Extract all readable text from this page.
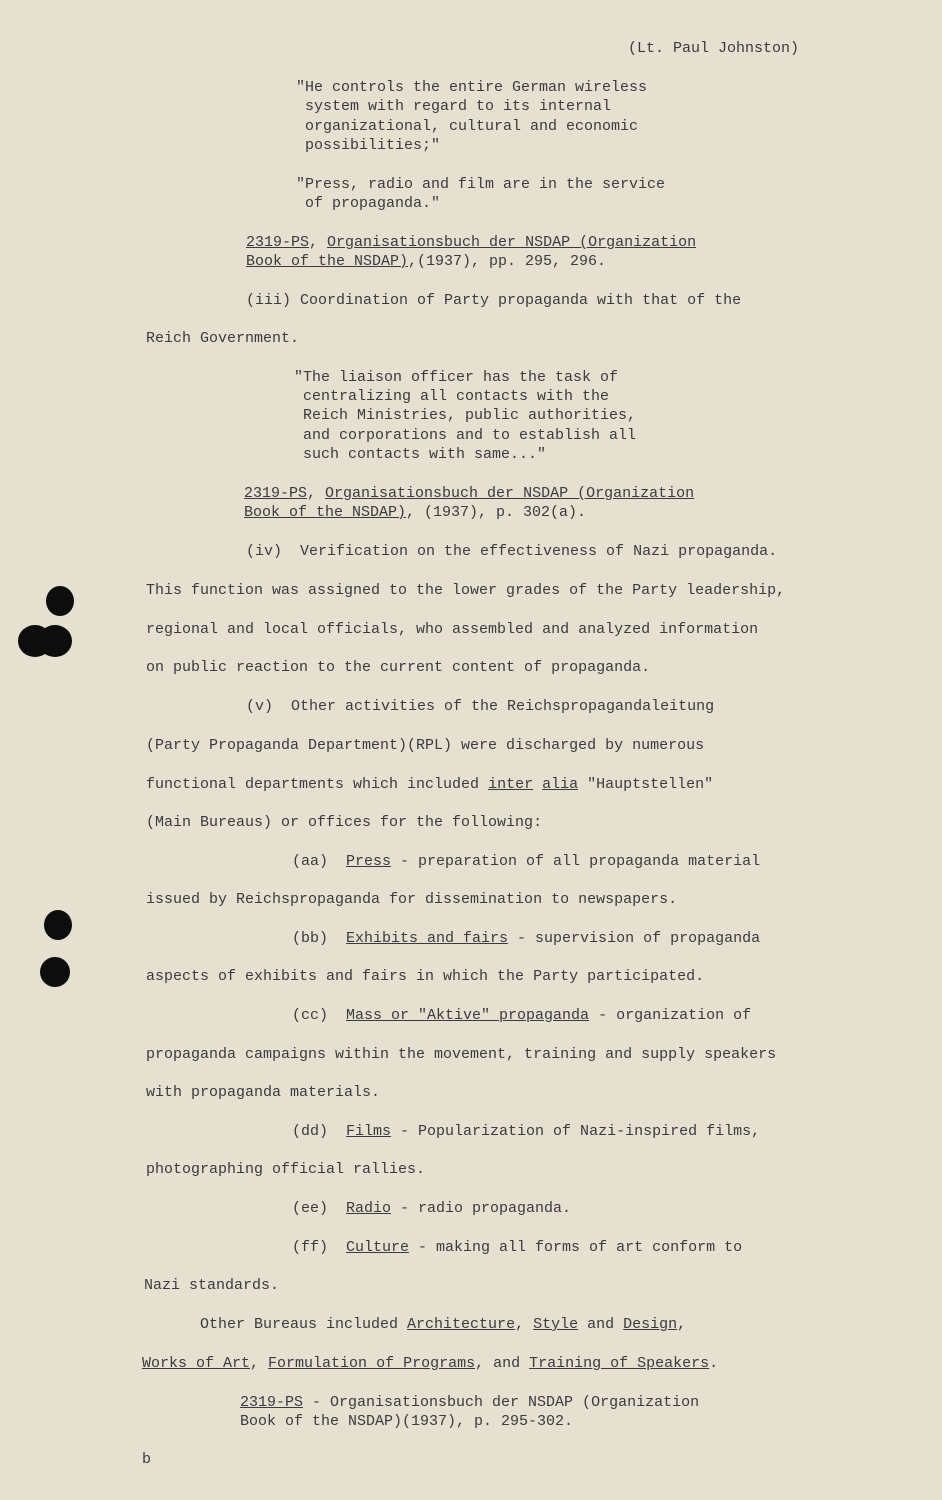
(Lt. Paul Johnston)
"He controls the entire German wireless
system with regard to its internal
organizational, cultural and economic
possibilities;"
"Press, radio and film are in the service
of propaganda."
2319-PS, Organisationsbuch der NSDAP (Organization
Book of the NSDAP),(1937), pp. 295, 296.
(iii) Coordination of Party propaganda with that of the
Reich Government.
"The liaison officer has the task of
centralizing all contacts with the
Reich Ministries, public authorities,
and corporations and to establish all
such contacts with same..."
2319-PS, Organisationsbuch der NSDAP (Organization
Book of the NSDAP), (1937), p. 302(a).
(iv)  Verification on the effectiveness of Nazi propaganda.
This function was assigned to the lower grades of the Party leadership,
regional and local officials, who assembled and analyzed information
on public reaction to the current content of propaganda.
(v)  Other activities of the Reichspropagandaleitung
(Party Propaganda Department)(RPL) were discharged by numerous
functional departments which included inter alia "Hauptstellen"
(Main Bureaus) or offices for the following:
(aa)  Press - preparation of all propaganda material
issued by Reichspropaganda for dissemination to newspapers.
(bb)  Exhibits and fairs - supervision of propaganda
aspects of exhibits and fairs in which the Party participated.
(cc)  Mass or "Aktive" propaganda - organization of
propaganda campaigns within the movement, training and supply speakers
with propaganda materials.
(dd)  Films - Popularization of Nazi-inspired films,
photographing official rallies.
(ee)  Radio - radio propaganda.
(ff)  Culture - making all forms of art conform to
Nazi standards.
Other Bureaus included Architecture, Style and Design,
Works of Art, Formulation of Programs, and Training of Speakers.
2319-PS - Organisationsbuch der NSDAP (Organization
Book of the NSDAP)(1937), p. 295-302.
b
